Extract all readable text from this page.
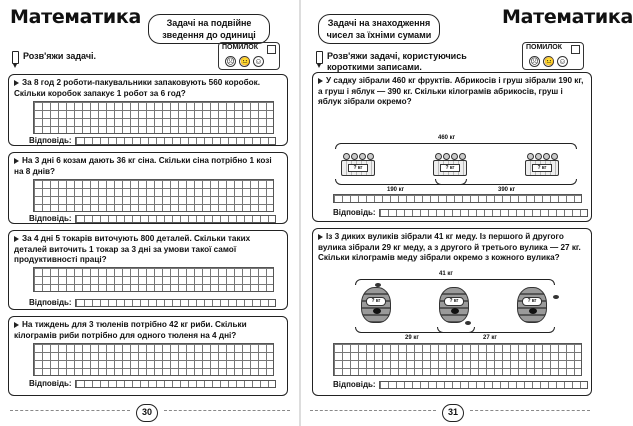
Математика	Задачі на подвійне зведення до одиниці
Розв'яжи задачі.
ПОМИЛОК
☹ 😐 ☺
За 8 год 2 роботи-пакувальники запаковують 560 коробок. Скільки коробок запакує 1 робот за 6 год?
Відповідь:
На 3 дні 6 козам дають 36 кг сіна. Скільки сіна потрібно 1 козі на 8 днів?
Відповідь:
За 4 дні 5 токарів виточують 800 деталей. Скільки таких деталей виточить 1 токар за 3 дні за умови такої самої продуктивності праці?
Відповідь:
На тиждень для 3 тюленів потрібно 42 кг риби. Скільки кілограмів риби потрібно для одного тюленя на 4 дні?
Відповідь:
30
Математика
Задачі на знаходження чисел за їхніми сумами
Розв'яжи задачі, користуючись короткими записами.
ПОМИЛОК
☹ 😐 ☺
У садку зібрали 460 кг фруктів. Абрикосів і груш зібрали 190 кг, а груш і яблук — 390 кг. Скільки кілограмів абрикосів, груш і яблук зібрали окремо?
460 кг
? кг	? кг	? кг
190 кг	390 кг
Відповідь:
Із 3 диких вуликів зібрали 41 кг меду. Із першого й другого вулика зібрали 29 кг меду, а з другого й третього вулика — 27 кг. Скільки кілограмів меду зібрали окремо з кожного вулика?
41 кг
? кг	? кг	? кг
29 кг	27 кг
Відповідь:
31
